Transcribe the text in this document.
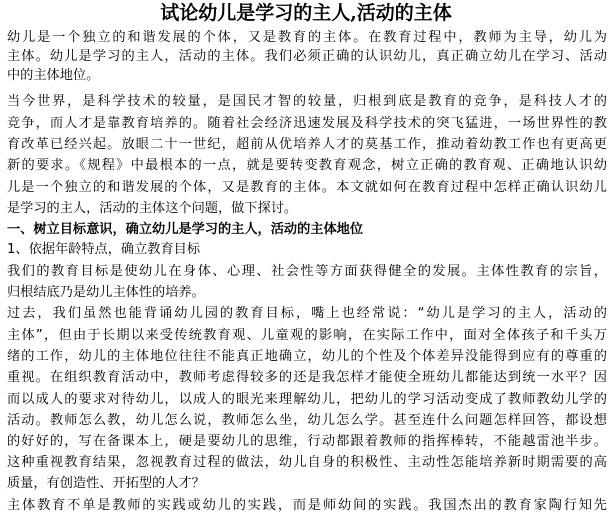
试论幼儿是学习的主人,活动的主体

幼儿是一个独立的和谐发展的个体，又是教育的主体。在教育过程中，教师为主导，幼儿为

主体。幼儿是学习的主人，活动的主体。我们必须正确的认识幼儿，真正确立幼儿在学习、活动

中的主体地位。

当今世界，是科学技术的较量，是国民才智的较量，归根到底是教育的竞争，是科技人才的

竞争，而人才是靠教育培养的。随着社会经济迅速发展及科学技术的突飞猛进，一场世界性的教

育改革已经兴起。放眼二十一世纪，超前从优培养人才的莫基工作，推动着幼教工作也有更高更

新的要求。《规程》中最根本的一点，就是要转变教育观念，树立正确的教育观、正确地认识幼

儿是一个独立的和谐发展的个体，又是教育的主体。本文就如何在教育过程中怎样正确认识幼儿

是学习的主人，活动的主体这个问题，做下探讨。

一、树立目标意识，确立幼儿是学习的主人，活动的主体地位

1、依据年龄特点，确立教育目标

我们的教育目标是使幼儿在身体、心理、社会性等方面获得健全的发展。主体性教育的宗旨，

归根结底乃是幼儿主体性的培养。

过去，我们虽然也能背诵幼儿园的教育目标，嘴上也经常说：“幼儿是学习的主人，活动的

主体”，但由于长期以来受传统教育观、儿童观的影响，在实际工作中，面对全体孩子和千头万

绪的工作，幼儿的主体地位往往不能真正地确立，幼儿的个性及个体差异没能得到应有的尊重的

重视。在组织教育活动中，教师考虑得较多的还是我怎样才能使全班幼儿都能达到统一水平？因

而以成人的要求对待幼儿，以成人的眼光来理解幼儿，把幼儿的学习活动变成了教师教幼儿学的

活动。教师怎么教，幼儿怎么说，教师怎么坐，幼儿怎么学。甚至连什么问题怎样回答，都设想

的好好的，写在备课本上，硬是要幼儿的思维，行动都跟着教师的指挥棒转，不能越雷池半步。

这种重视教育结果，忽视教育过程的做法，幼儿自身的积极性、主动性怎能培养新时期需要的高

质量，有创造性、开拓型的人才？

主体教育不单是教师的实践或幼儿的实践，而是师幼间的实践。我国杰出的教育家陶行知先
